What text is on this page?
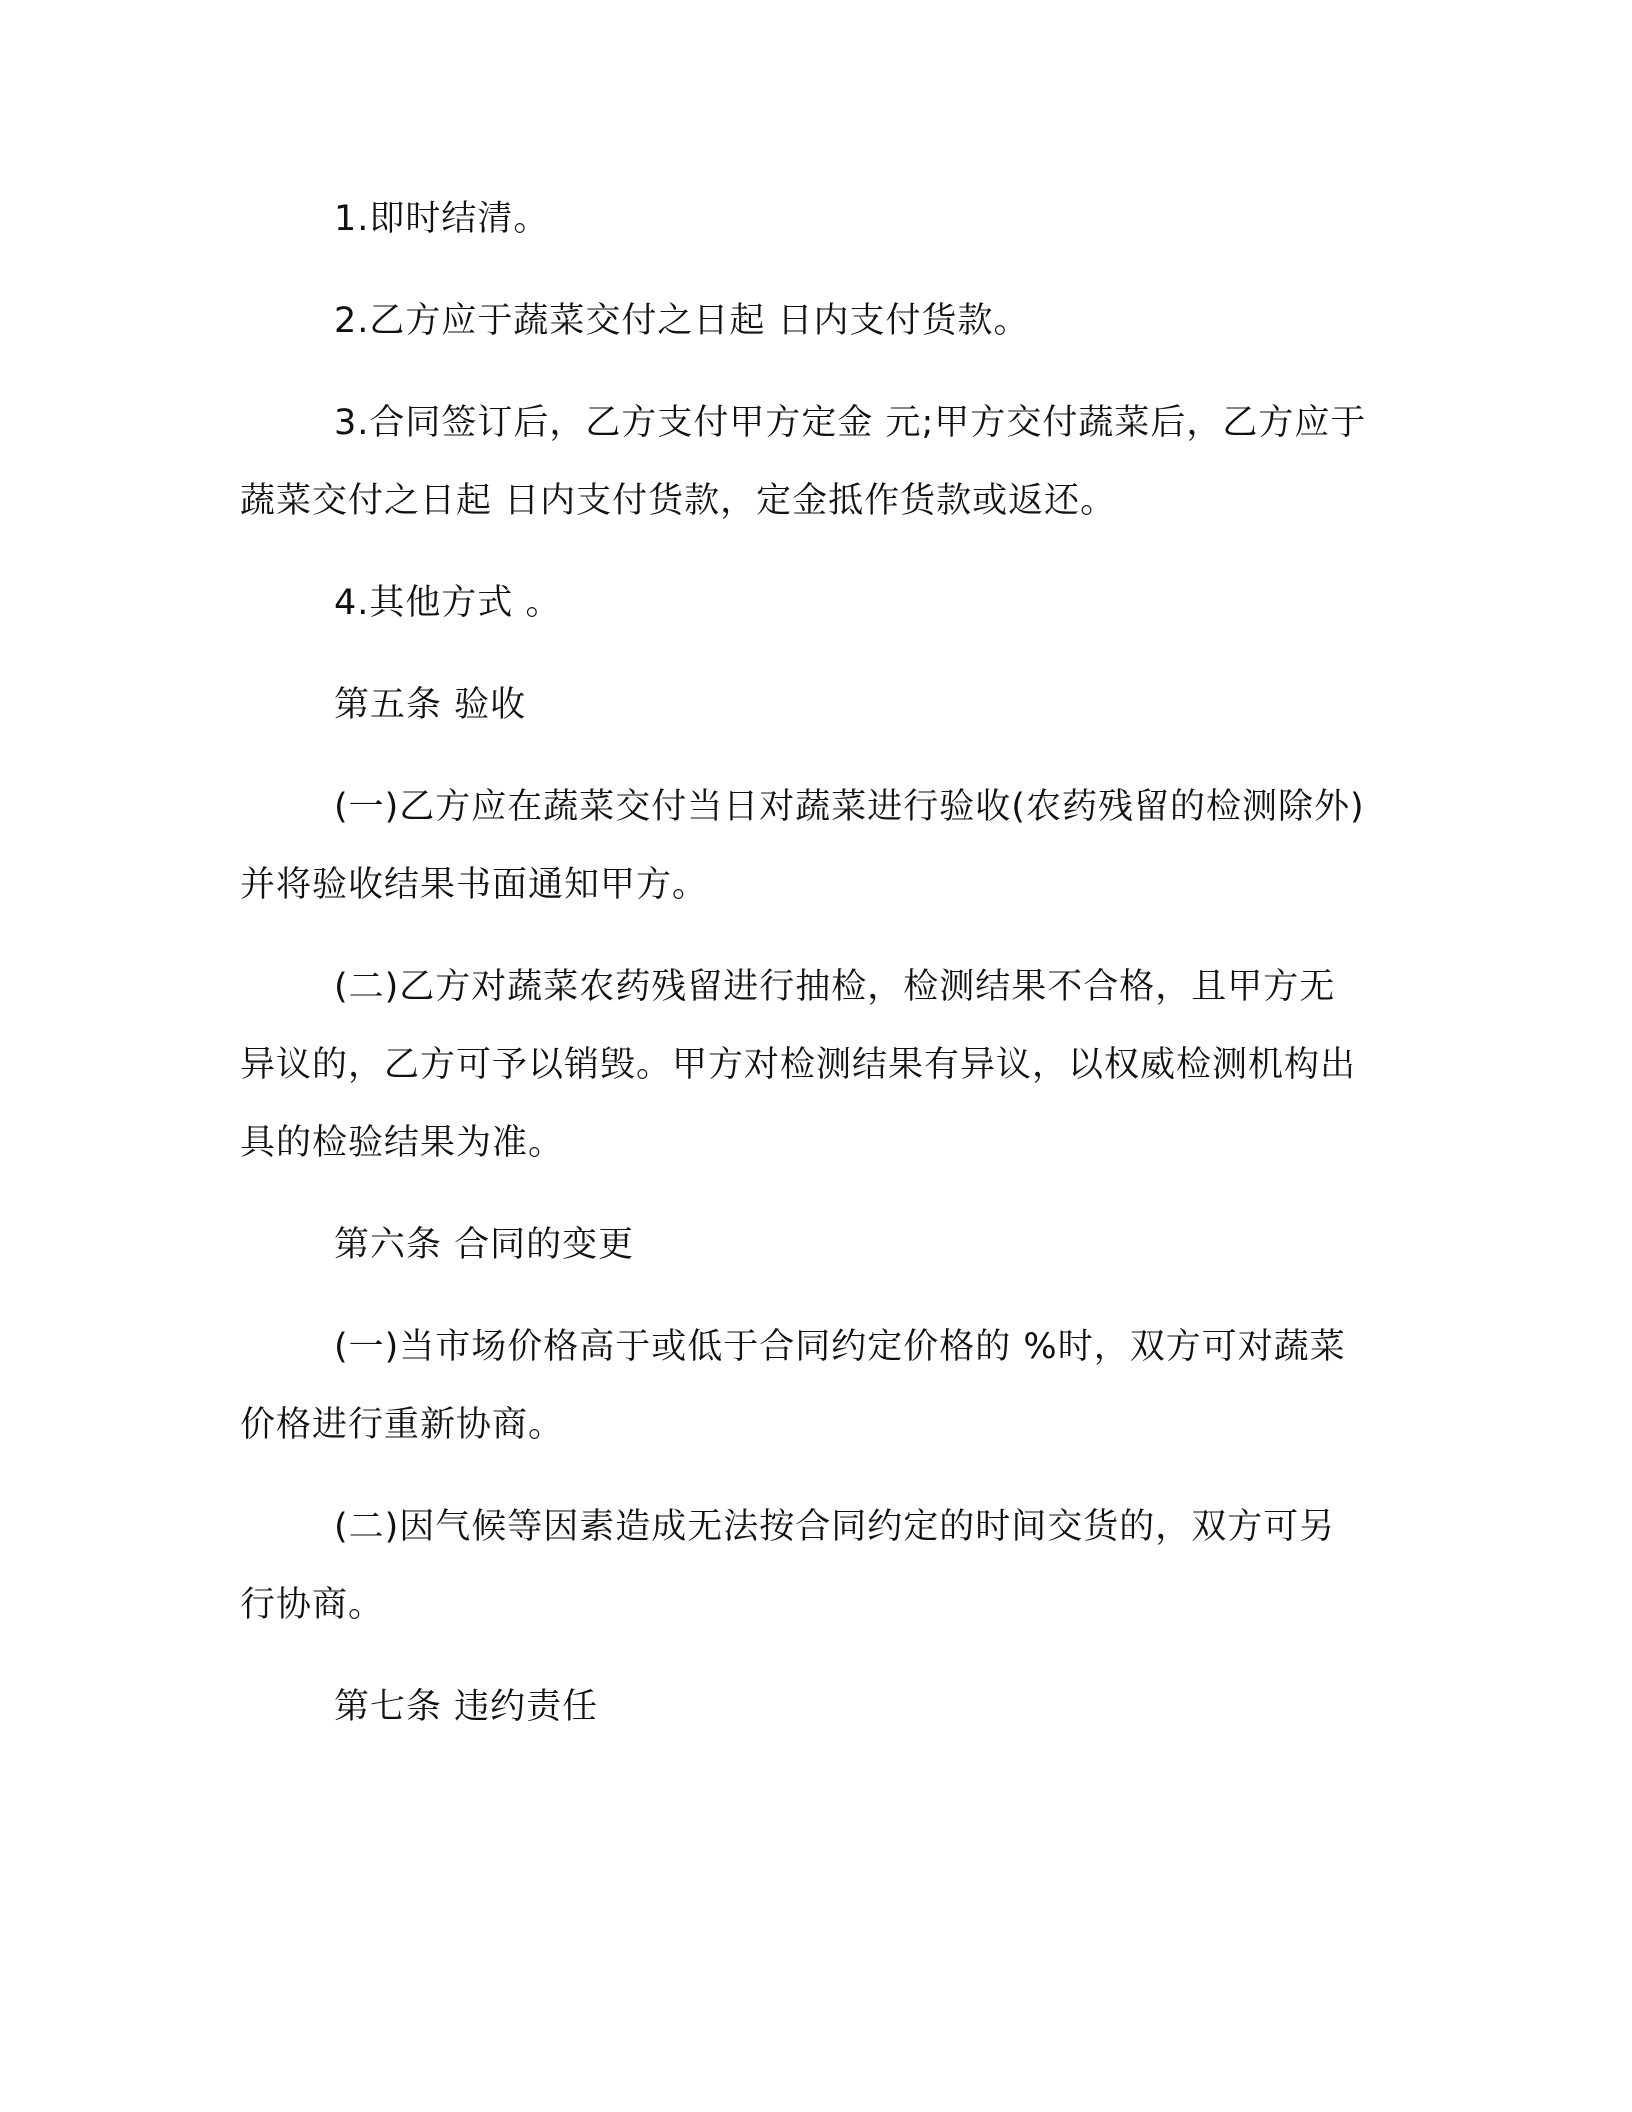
1.即时结清。

2.乙方应于蔬菜交付之日起 日内支付货款。

3.合同签订后，乙方支付甲方定金 元;甲方交付蔬菜后，乙方应于蔬菜交付之日起 日内支付货款，定金抵作货款或返还。

4.其他方式 。

第五条 验收

(一)乙方应在蔬菜交付当日对蔬菜进行验收(农药残留的检测除外)并将验收结果书面通知甲方。

(二)乙方对蔬菜农药残留进行抽检，检测结果不合格，且甲方无异议的，乙方可予以销毁。甲方对检测结果有异议，以权威检测机构出具的检验结果为准。

第六条 合同的变更

(一)当市场价格高于或低于合同约定价格的 %时，双方可对蔬菜价格进行重新协商。

(二)因气候等因素造成无法按合同约定的时间交货的，双方可另行协商。

第七条 违约责任
